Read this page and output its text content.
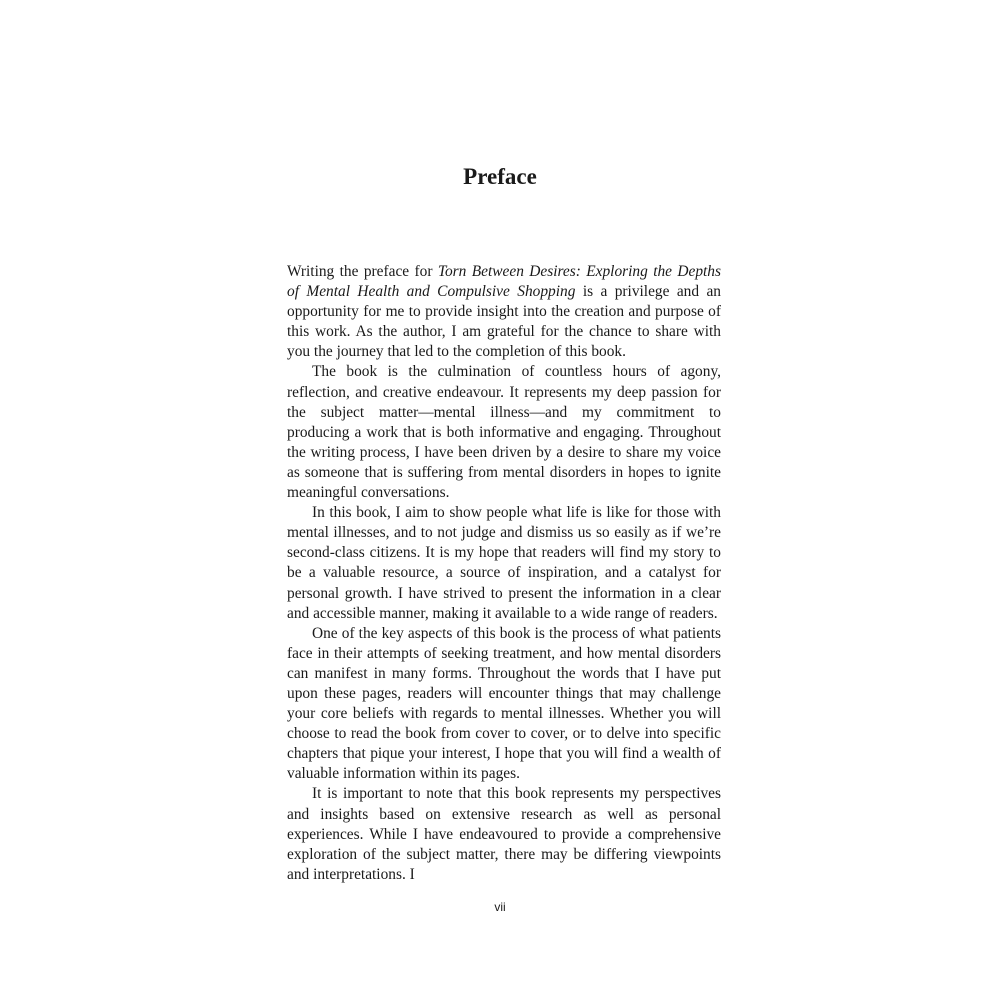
Preface

Writing the preface for Torn Between Desires: Exploring the Depths of Mental Health and Compulsive Shopping is a privilege and an opportunity for me to provide insight into the creation and purpose of this work. As the author, I am grateful for the chance to share with you the journey that led to the completion of this book.

The book is the culmination of countless hours of agony, reflection, and creative endeavour. It represents my deep passion for the subject matter—mental illness—and my commitment to producing a work that is both informative and engaging. Throughout the writing process, I have been driven by a desire to share my voice as someone that is suffering from mental disorders in hopes to ignite meaningful conversations.

In this book, I aim to show people what life is like for those with mental illnesses, and to not judge and dismiss us so easily as if we’re second-class citizens. It is my hope that readers will find my story to be a valuable resource, a source of inspiration, and a catalyst for personal growth. I have strived to present the information in a clear and accessible manner, making it available to a wide range of readers.

One of the key aspects of this book is the process of what patients face in their attempts of seeking treatment, and how mental disorders can manifest in many forms. Throughout the words that I have put upon these pages, readers will encounter things that may challenge your core beliefs with regards to mental illnesses. Whether you will choose to read the book from cover to cover, or to delve into specific chapters that pique your interest, I hope that you will find a wealth of valuable information within its pages.

It is important to note that this book represents my perspectives and insights based on extensive research as well as personal experiences. While I have endeavoured to provide a comprehensive exploration of the subject matter, there may be differing viewpoints and interpretations. I

vii
